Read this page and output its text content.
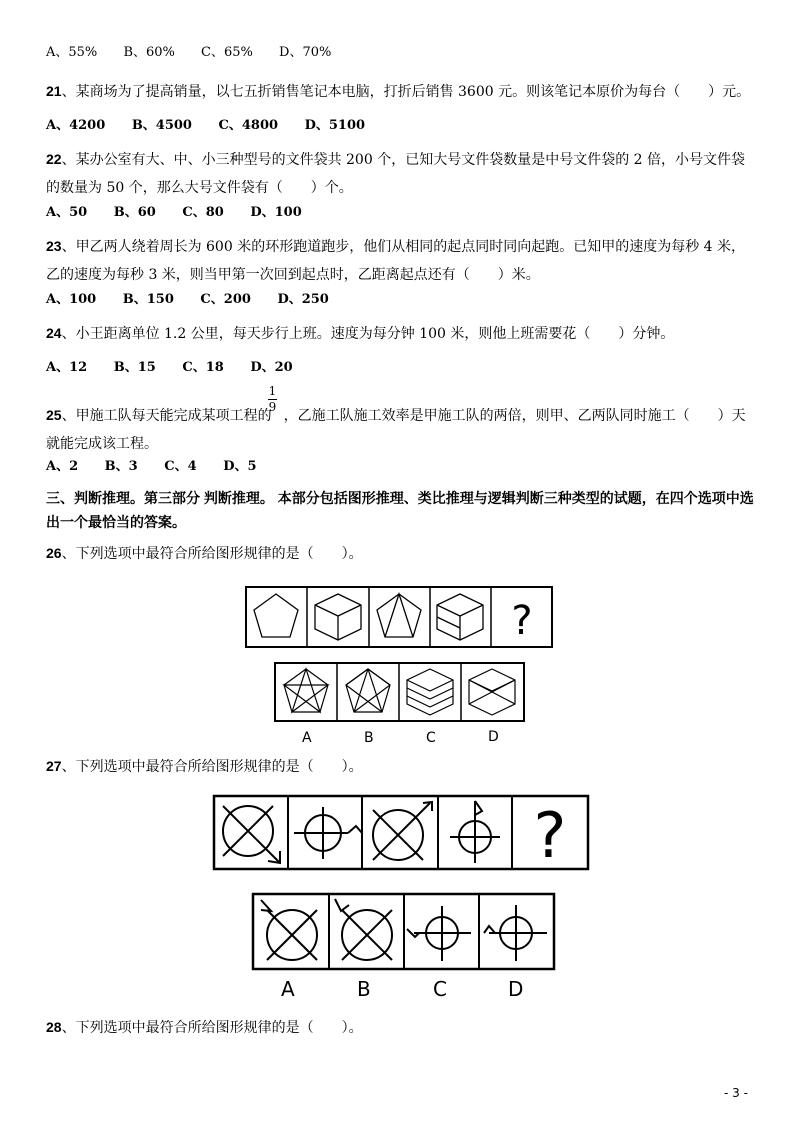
A、55% B、60% C、65% D、70%
21、某商场为了提高销量，以七五折销售笔记本电脑，打折后销售 3600 元。则该笔记本原价为每台（　　）元。
A、4200 B、4500 C、4800 D、5100
22、某办公室有大、中、小三种型号的文件袋共 200 个，已知大号文件袋数量是中号文件袋的 2 倍，小号文件袋的数量为 50 个，那么大号文件袋有（　　）个。
A、50 B、60 C、80 D、100
23、甲乙两人绕着周长为 600 米的环形跑道跑步，他们从相同的起点同时同向起跑。已知甲的速度为每秒 4 米，乙的速度为每秒 3 米，则当甲第一次回到起点时，乙距离起点还有（　　）米。
A、100 B、150 C、200 D、250
24、小王距离单位 1.2 公里，每天步行上班。速度为每分钟 100 米，则他上班需要花（　　）分钟。
A、12 B、15 C、18 D、20
25、甲施工队每天能完成某项工程的 ，乙施工队施工效率是甲施工队的两倍，则甲、乙两队同时施工（　　）天就能完成该工程。
1
9
A、2 B、3 C、4 D、5
三、判断推理。第三部分 判断推理。 本部分包括图形推理、类比推理与逻辑判断三种类型的试题，在四个选项中选出一个最恰当的答案。
26、下列选项中最符合所给图形规律的是（　　）。
?
A	B	C	D
27、下列选项中最符合所给图形规律的是（　　）。
?
A	B	C	D
28、下列选项中最符合所给图形规律的是（　　）。
- 3 -
